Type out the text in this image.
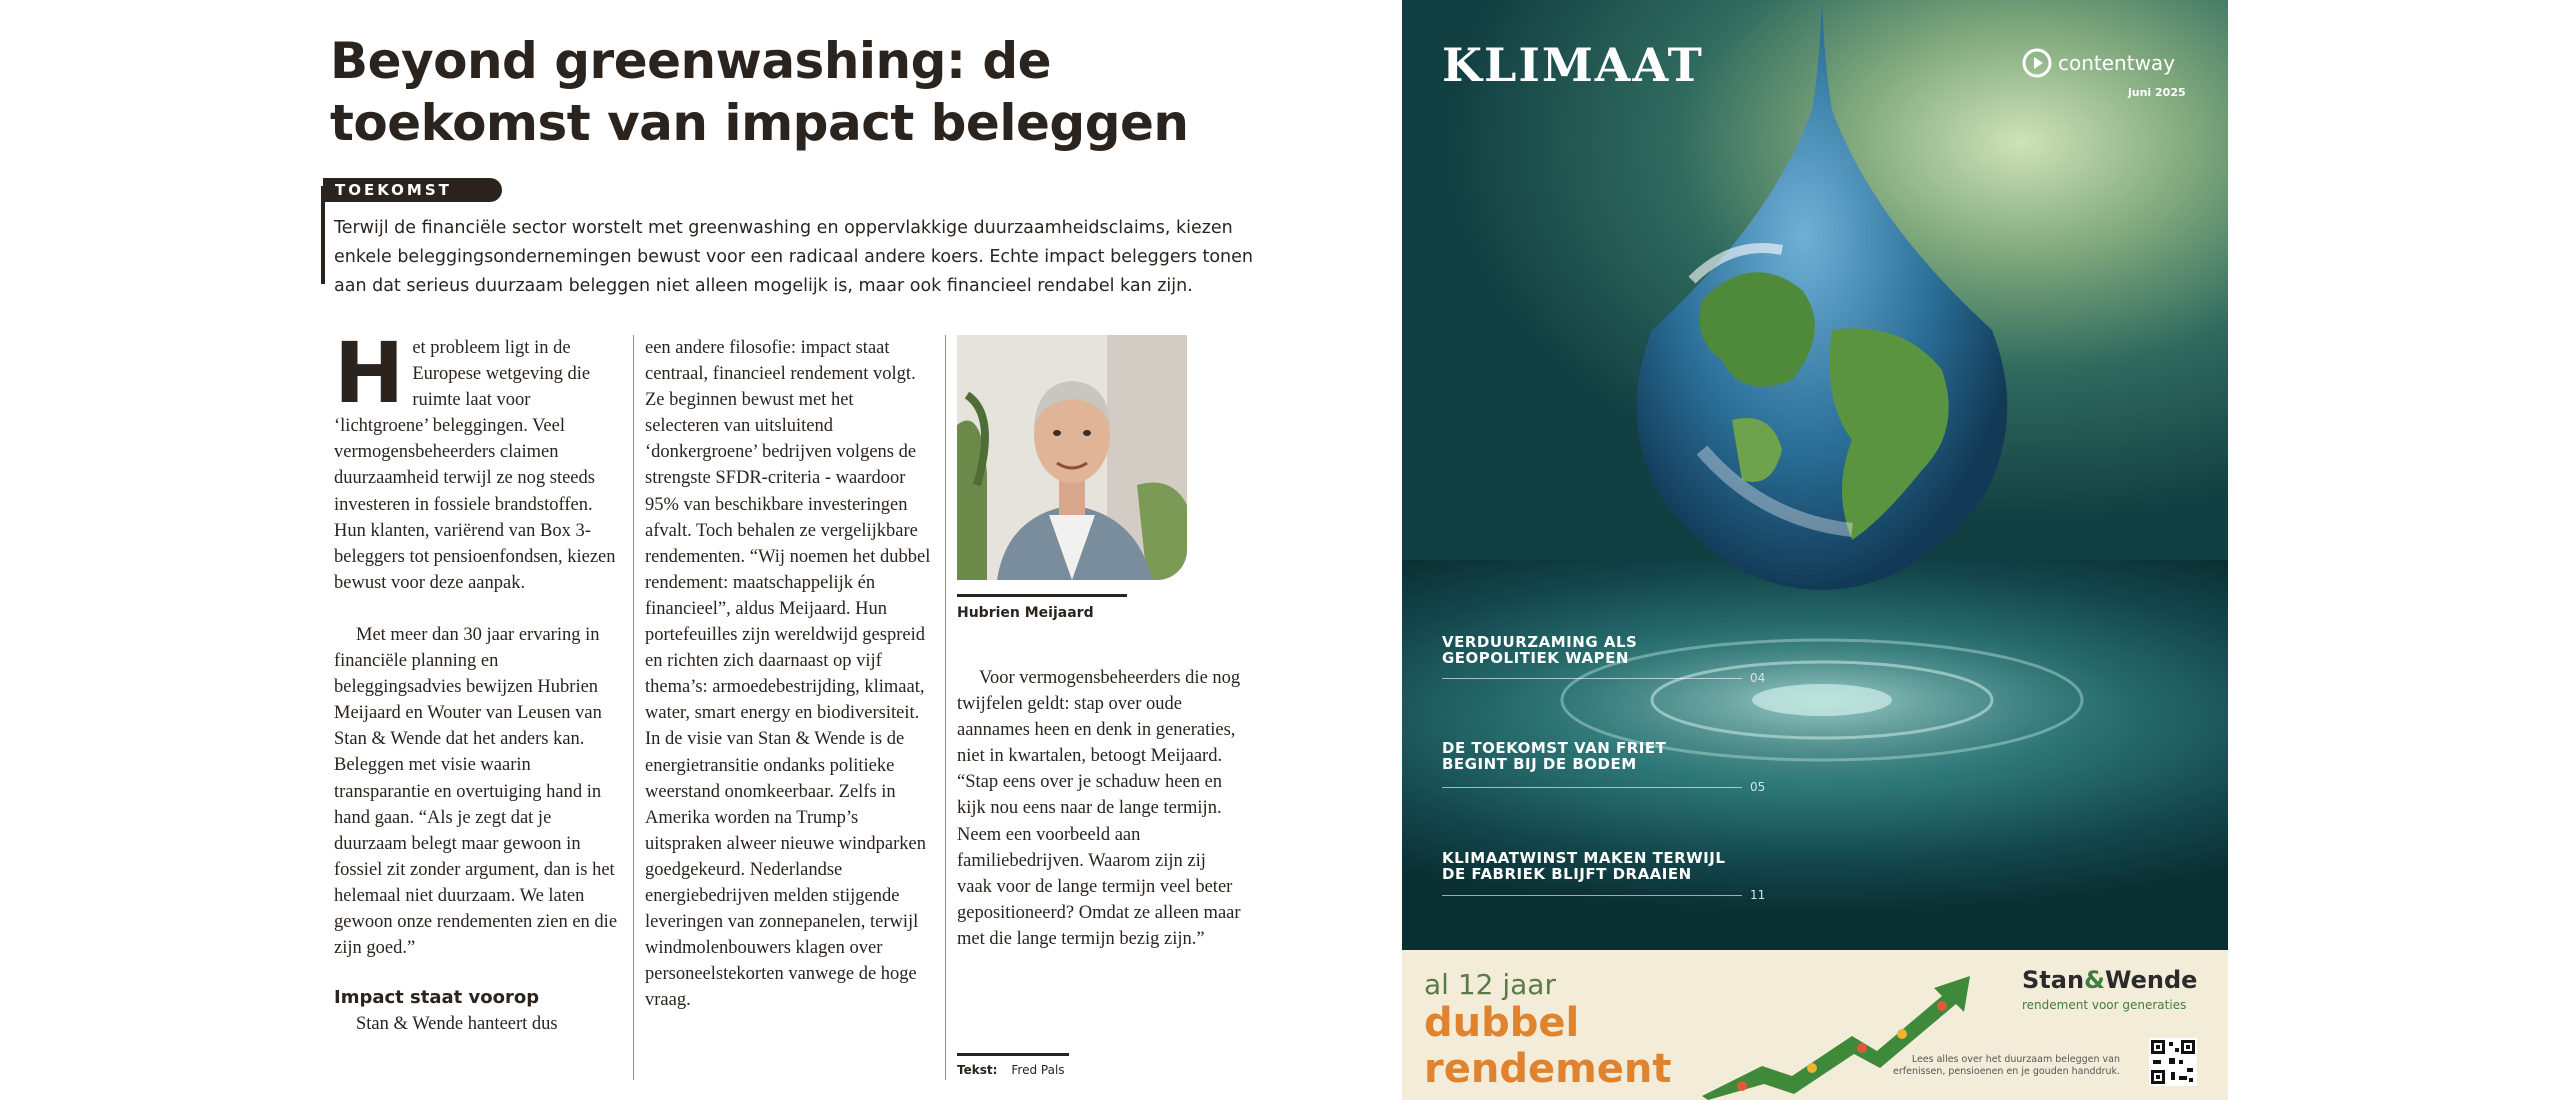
Beyond greenwashing: de toekomst van impact beleggen
TOEKOMST

Terwijl de financiële sector worstelt met greenwashing en oppervlakkige duurzaamheidsclaims, kiezen enkele beleggingsondernemingen bewust voor een radicaal andere koers. Echte impact beleggers tonen aan dat serieus duurzaam beleggen niet alleen mogelijk is, maar ook financieel rendabel kan zijn.

Het probleem ligt in de Europese wetgeving die ruimte laat voor ‘lichtgroene’ beleggingen. Veel vermogensbeheerders claimen duurzaamheid terwijl ze nog steeds investeren in fossiele brandstoffen. Hun klanten, variërend van Box 3-beleggers tot pensioenfondsen, kiezen bewust voor deze aanpak.

Met meer dan 30 jaar ervaring in financiële planning en beleggingsadvies bewijzen Hubrien Meijaard en Wouter van Leusen van Stan & Wende dat het anders kan. Beleggen met visie waarin transparantie en overtuiging hand in hand gaan. “Als je zegt dat je duurzaam belegt maar gewoon in fossiel zit zonder argument, dan is het helemaal niet duurzaam. We laten gewoon onze rendementen zien en die zijn goed.”

Impact staat voorop

Stan & Wende hanteert dus

een andere filosofie: impact staat centraal, financieel rendement volgt. Ze beginnen bewust met het selecteren van uitsluitend ‘donkergroene’ bedrijven volgens de strengste SFDR-criteria - waardoor 95% van beschikbare investeringen afvalt. Toch behalen ze vergelijkbare rendementen. “Wij noemen het dubbel rendement: maatschappelijk én financieel”, aldus Meijaard. Hun portefeuilles zijn wereldwijd gespreid en richten zich daarnaast op vijf thema’s: armoedebestrijding, klimaat, water, smart energy en biodiversiteit. In de visie van Stan & Wende is de energietransitie ondanks politieke weerstand onomkeerbaar. Zelfs in Amerika worden na Trump’s uitspraken alweer nieuwe windparken goedgekeurd. Nederlandse energiebedrijven melden stijgende leveringen van zonnepanelen, terwijl windmolenbouwers klagen over personeelstekorten vanwege de hoge vraag.

Hubrien Meijaard

Voor vermogensbeheerders die nog twijfelen geldt: stap over oude aannames heen en denk in generaties, niet in kwartalen, betoogt Meijaard. “Stap eens over je schaduw heen en kijk nou eens naar de lange termijn. Neem een voorbeeld aan familiebedrijven. Waarom zijn zij vaak voor de lange termijn veel beter gepositioneerd? Omdat ze alleen maar met die lange termijn bezig zijn.”

Tekst: Fred Pals
KLIMAAT	contentway
juni 2025
VERDUURZAMING ALS
GEOPOLITIEK WAPEN
04
DE TOEKOMST VAN FRIET
BEGINT BIJ DE BODEM
05
KLIMAATWINST MAKEN TERWIJL
DE FABRIEK BLIJFT DRAAIEN
11
al 12 jaar
dubbel
rendement
Stan&Wende
rendement voor generaties
Lees alles over het duurzaam beleggen van erfenissen, pensioenen en je gouden handdruk.
